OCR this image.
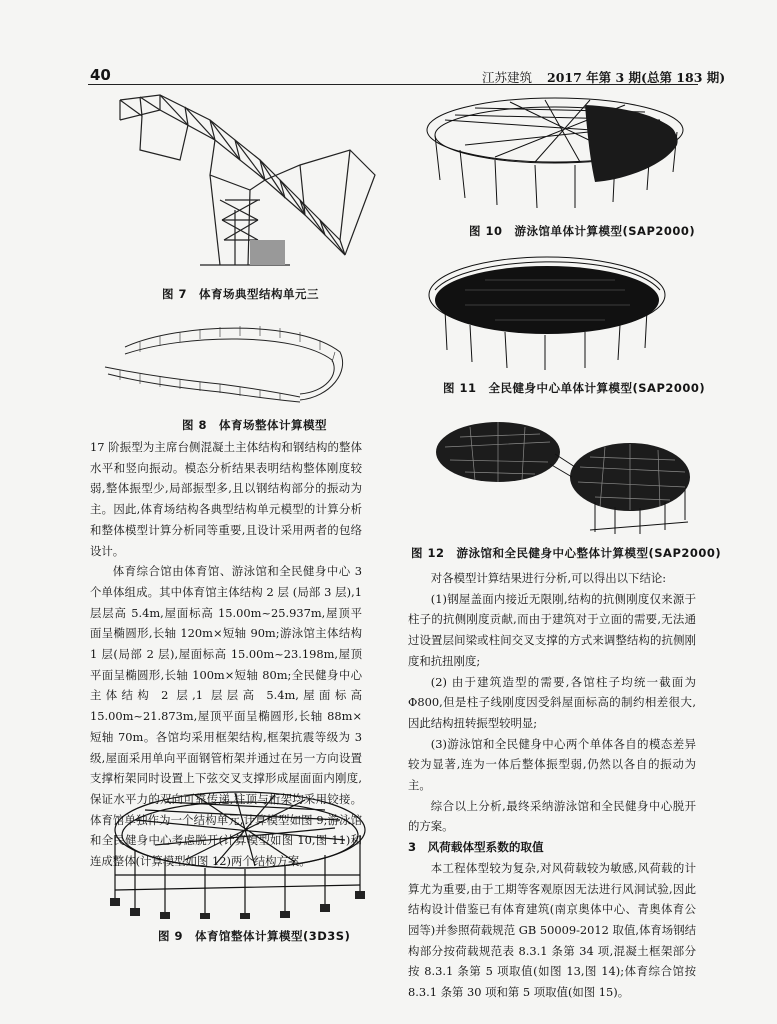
40	江苏建筑 2017 年第 3 期(总第 183 期)
图 7　体育场典型结构单元三
图 8　体育场整体计算模型

17 阶振型为主席台侧混凝土主体结构和钢结构的整体水平和竖向振动。模态分析结果表明结构整体刚度较弱,整体振型少,局部振型多,且以钢结构部分的振动为主。因此,体育场结构各典型结构单元模型的计算分析和整体模型计算分析同等重要,且设计采用两者的包络设计。

体育综合馆由体育馆、游泳馆和全民健身中心 3 个单体组成。其中体育馆主体结构 2 层 (局部 3 层),1 层层高 5.4m,屋面标高 15.00m~25.937m,屋顶平面呈椭圆形,长轴 120m×短轴 90m;游泳馆主体结构 1 层(局部 2 层),屋面标高 15.00m~23.198m,屋顶平面呈椭圆形,长轴 100m×短轴 80m;全民健身中心主体结构 2 层,1 层层高 5.4m,屋面标高 15.00m~21.873m,屋顶平面呈椭圆形,长轴 88m×短轴 70m。各馆均采用框架结构,框架抗震等级为 3 级,屋面采用单向平面钢管桁架并通过在另一方向设置支撑桁架同时设置上下弦交叉支撑形成屋面面内刚度,保证水平力的双向可靠传递,柱顶与桁架均采用铰接。体育馆单独作为一个结构单元,计算模型如图 9;游泳馆和全民健身中心考虑脱开(计算模型如图 10,图 11)和连成整体(计算模型如图 12)两个结构方案。

图 9　体育馆整体计算模型(3D3S)
图 10　游泳馆单体计算模型(SAP2000)
图 11　全民健身中心单体计算模型(SAP2000)
图 12　游泳馆和全民健身中心整体计算模型(SAP2000)

对各模型计算结果进行分析,可以得出以下结论:

(1)钢屋盖面内接近无限刚,结构的抗侧刚度仅来源于柱子的抗侧刚度贡献,而由于建筑对于立面的需要,无法通过设置层间梁或柱间交叉支撑的方式来调整结构的抗侧刚度和抗扭刚度;

(2) 由于建筑造型的需要,各馆柱子均统一截面为 Φ800,但是柱子线刚度因受斜屋面标高的制约相差很大,因此结构扭转振型较明显;

(3)游泳馆和全民健身中心两个单体各自的模态差异较为显著,连为一体后整体振型弱,仍然以各自的振动为主。

综合以上分析,最终采纳游泳馆和全民健身中心脱开的方案。

3　风荷载体型系数的取值

本工程体型较为复杂,对风荷载较为敏感,风荷载的计算尤为重要,由于工期等客观原因无法进行风洞试验,因此结构设计借鉴已有体育建筑(南京奥体中心、青奥体育公园等)并参照荷载规范 GB 50009-2012 取值,体育场钢结构部分按荷载规范表 8.3.1 条第 34 项,混凝土框架部分按 8.3.1 条第 5 项取值(如图 13,图 14);体育综合馆按 8.3.1 条第 30 项和第 5 项取值(如图 15)。
